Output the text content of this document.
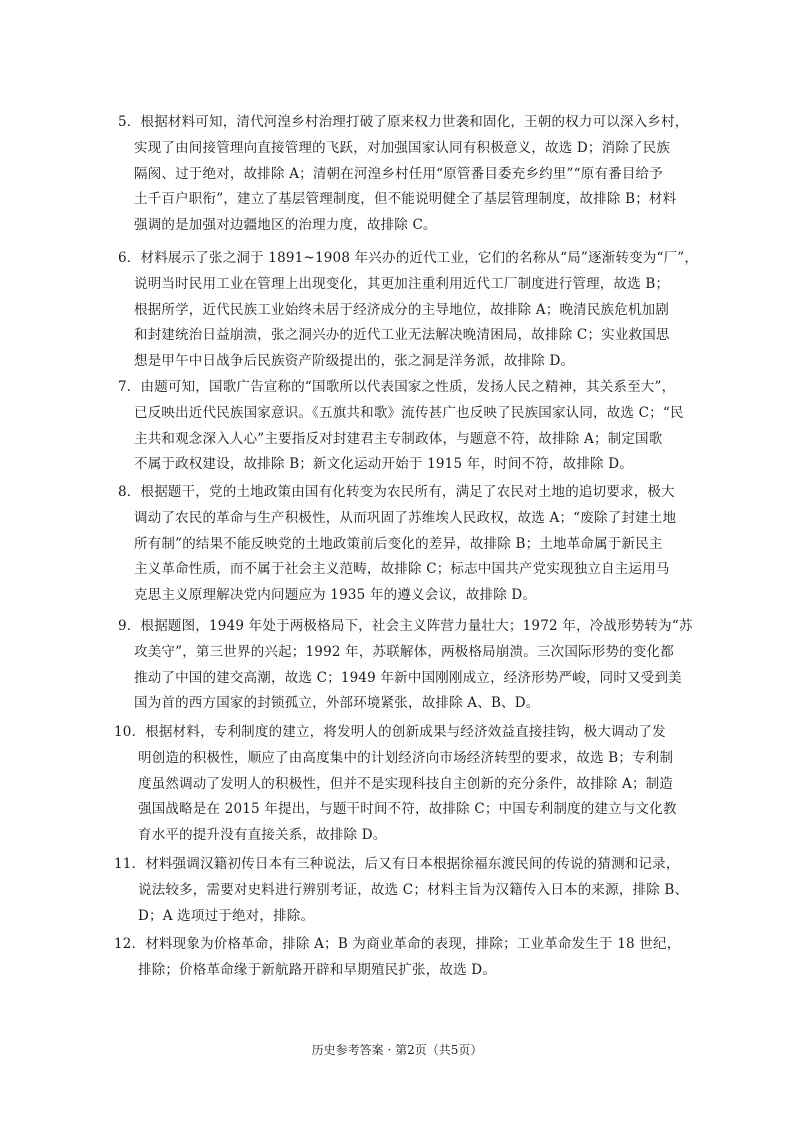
5．根据材料可知，清代河湟乡村治理打破了原来权力世袭和固化，王朝的权力可以深入乡村，
实现了由间接管理向直接管理的飞跃，对加强国家认同有积极意义，故选 D；消除了民族
隔阂、过于绝对，故排除 A；清朝在河湟乡村任用“原管番目委充乡约里”“原有番目给予
土千百户职衔”，建立了基层管理制度，但不能说明健全了基层管理制度，故排除 B；材料
强调的是加强对边疆地区的治理力度，故排除 C。
6．材料展示了张之洞于 1891~1908 年兴办的近代工业，它们的名称从“局”逐渐转变为“厂”，
说明当时民用工业在管理上出现变化，其更加注重利用近代工厂制度进行管理，故选 B；
根据所学，近代民族工业始终未居于经济成分的主导地位，故排除 A；晚清民族危机加剧
和封建统治日益崩溃，张之洞兴办的近代工业无法解决晚清困局，故排除 C；实业救国思
想是甲午中日战争后民族资产阶级提出的，张之洞是洋务派，故排除 D。
7．由题可知，国歌广告宣称的“国歌所以代表国家之性质，发扬人民之精神，其关系至大”，
已反映出近代民族国家意识。《五旗共和歌》流传甚广也反映了民族国家认同，故选 C；“民
主共和观念深入人心”主要指反对封建君主专制政体，与题意不符，故排除 A；制定国歌
不属于政权建设，故排除 B；新文化运动开始于 1915 年，时间不符，故排除 D。
8．根据题干，党的土地政策由国有化转变为农民所有，满足了农民对土地的追切要求，极大
调动了农民的革命与生产积极性，从而巩固了苏维埃人民政权，故选 A；“废除了封建土地
所有制”的结果不能反映党的土地政策前后变化的差异，故排除 B；土地革命属于新民主
主义革命性质，而不属于社会主义范畴，故排除 C；标志中国共产党实现独立自主运用马
克思主义原理解决党内问题应为 1935 年的遵义会议，故排除 D。
9．根据题图，1949 年处于两极格局下，社会主义阵营力量壮大；1972 年，冷战形势转为“苏
攻美守”，第三世界的兴起；1992 年，苏联解体，两极格局崩溃。三次国际形势的变化都
推动了中国的建交高潮，故选 C；1949 年新中国刚刚成立，经济形势严峻，同时又受到美
国为首的西方国家的封锁孤立，外部环境紧张，故排除 A、B、D。
10．根据材料，专利制度的建立，将发明人的创新成果与经济效益直接挂钩，极大调动了发
明创造的积极性，顺应了由高度集中的计划经济向市场经济转型的要求，故选 B；专利制
度虽然调动了发明人的积极性，但并不是实现科技自主创新的充分条件，故排除 A；制造
强国战略是在 2015 年提出，与题干时间不符，故排除 C；中国专利制度的建立与文化教
育水平的提升没有直接关系，故排除 D。
11．材料强调汉籍初传日本有三种说法，后又有日本根据徐福东渡民间的传说的猜测和记录，
说法较多，需要对史料进行辨别考证，故选 C；材料主旨为汉籍传入日本的来源，排除 B、
D；A 选项过于绝对，排除。
12．材料现象为价格革命，排除 A；B 为商业革命的表现，排除；工业革命发生于 18 世纪，
排除；价格革命缘于新航路开辟和早期殖民扩张，故选 D。
历史参考答案 · 第2页（共5页）
